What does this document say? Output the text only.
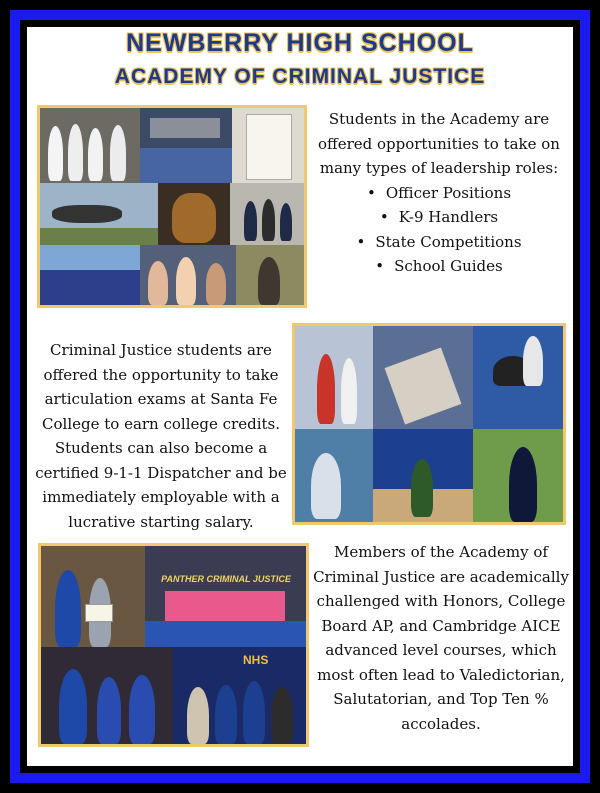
NEWBERRY HIGH SCHOOL
ACADEMY OF CRIMINAL JUSTICE
Students in the Academy are offered opportunities to take on many types of leadership roles:
• Officer Positions
• K-9 Handlers
• State Competitions
• School Guides
Criminal Justice students are offered the opportunity to take articulation exams at Santa Fe College to earn college credits. Students can also become a certified 9-1-1 Dispatcher and be immediately employable with a lucrative starting salary.
PANTHER CRIMINAL JUSTICE
NHS
Members of the Academy of Criminal Justice are academically challenged with Honors, College Board AP, and Cambridge AICE advanced level courses, which most often lead to Valedictorian, Salutatorian, and Top Ten % accolades.
